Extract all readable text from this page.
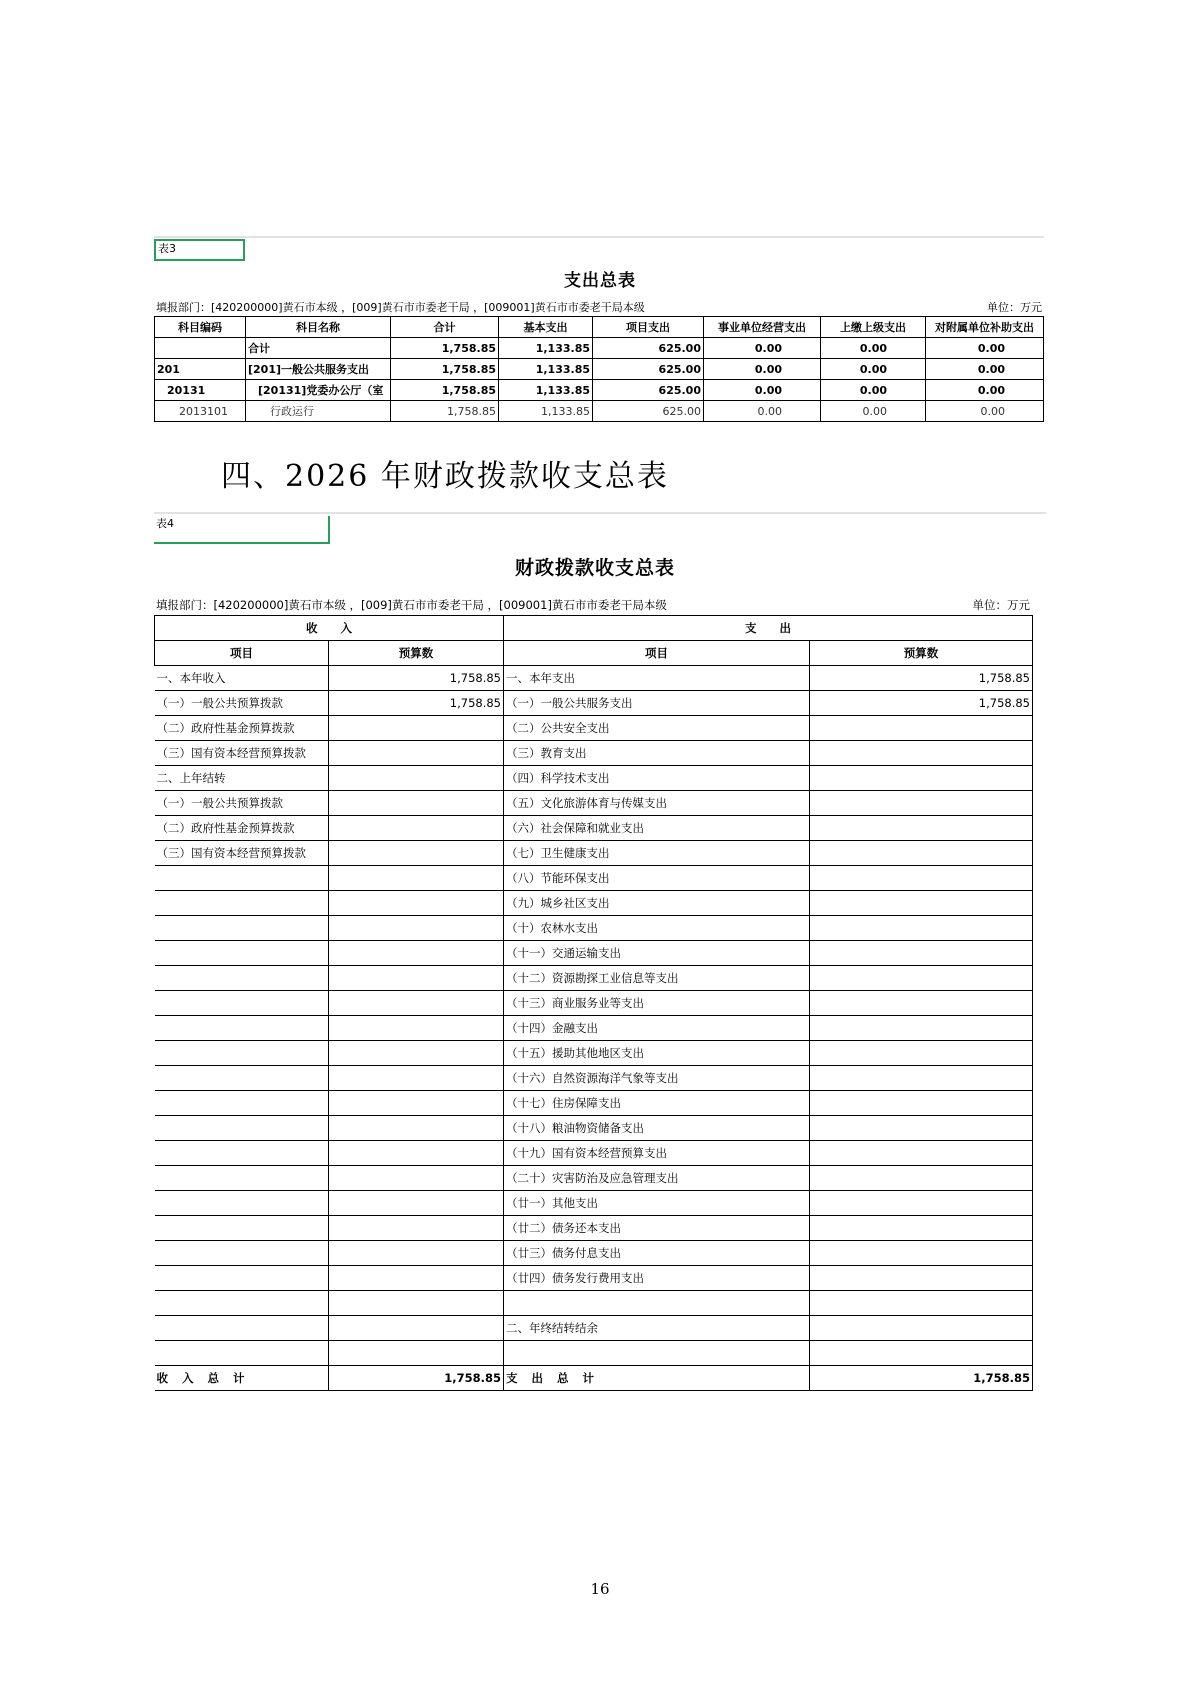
表3
支出总表
填报部门：[420200000]黄石市本级 ，[009]黄石市市委老干局 ，[009001]黄石市市委老干局本级	单位：万元
科目编码	科目名称	合计	基本支出	项目支出	事业单位经营支出	上缴上级支出	对附属单位补助支出
	合计	1,758.85	1,133.85	625.00	0.00	0.00	0.00
201	[201]一般公共服务支出	1,758.85	1,133.85	625.00	0.00	0.00	0.00
20131	[20131]党委办公厅（室	1,758.85	1,133.85	625.00	0.00	0.00	0.00
2013101	行政运行	1,758.85	1,133.85	625.00	0.00	0.00	0.00
四、2026 年财政拨款收支总表
表4
财政拨款收支总表
填报部门：[420200000]黄石市本级 ，[009]黄石市市委老干局 ，[009001]黄石市市委老干局本级	单位：万元
收　　入		支　　出	
项目	预算数	项目	预算数
一、本年收入	1,758.85	一、本年支出	1,758.85
（一）一般公共预算拨款	1,758.85	（一）一般公共服务支出	1,758.85
（二）政府性基金预算拨款		（二）公共安全支出	
（三）国有资本经营预算拨款		（三）教育支出	
二、上年结转		（四）科学技术支出	
（一）一般公共预算拨款		（五）文化旅游体育与传媒支出	
（二）政府性基金预算拨款		（六）社会保障和就业支出	
（三）国有资本经营预算拨款		（七）卫生健康支出	
		（八）节能环保支出	
		（九）城乡社区支出	
		（十）农林水支出	
		（十一）交通运输支出	
		（十二）资源勘探工业信息等支出	
		（十三）商业服务业等支出	
		（十四）金融支出	
		（十五）援助其他地区支出	
		（十六）自然资源海洋气象等支出	
		（十七）住房保障支出	
		（十八）粮油物资储备支出	
		（十九）国有资本经营预算支出	
		（二十）灾害防治及应急管理支出	
		（廿一）其他支出	
		（廿二）债务还本支出	
		（廿三）债务付息支出	
		（廿四）债务发行费用支出	

		二、年终结转结余	

收入总计	1,758.85	支出总计	1,758.85
16
